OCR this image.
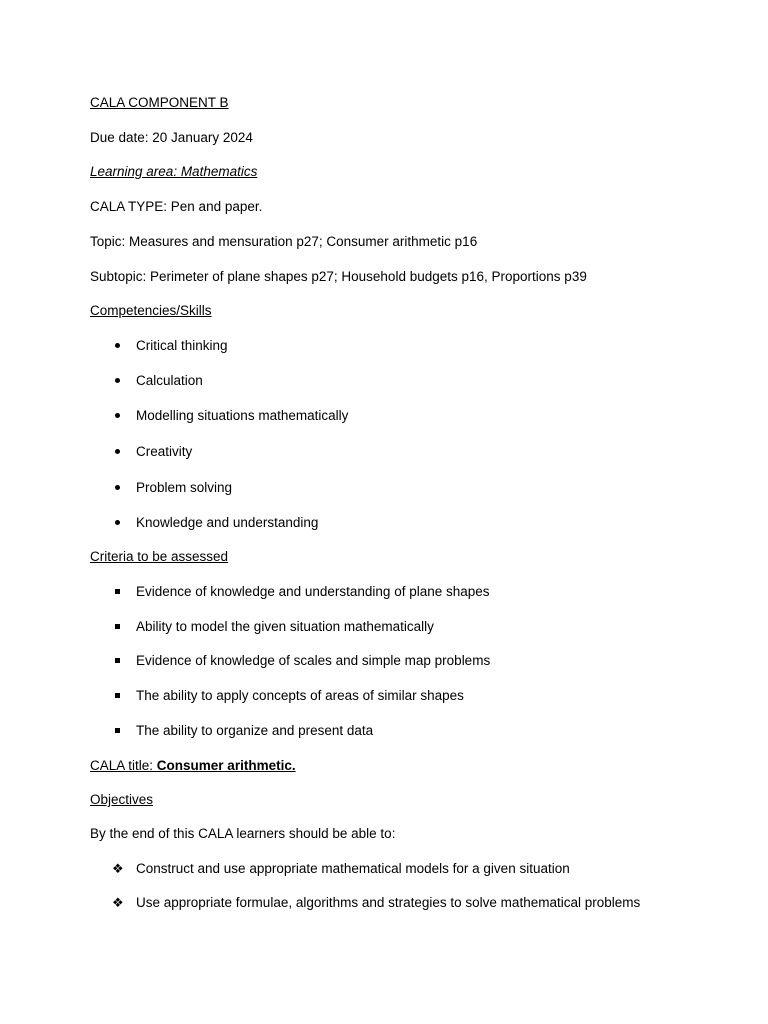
CALA COMPONENT B
Due date: 20 January 2024
Learning area: Mathematics
CALA TYPE: Pen and paper.
Topic: Measures and mensuration p27; Consumer arithmetic p16
Subtopic: Perimeter of plane shapes p27; Household budgets p16, Proportions p39
Competencies/Skills
Critical thinking
Calculation
Modelling situations mathematically
Creativity
Problem solving
Knowledge and understanding
Criteria to be assessed
Evidence of knowledge and understanding of plane shapes
Ability to model the given situation mathematically
Evidence of knowledge of scales and simple map problems
The ability to apply concepts of areas of similar shapes
The ability to organize and present data
CALA title: Consumer arithmetic.
Objectives
By the end of this CALA learners should be able to:
❖ Construct and use appropriate mathematical models for a given situation
❖ Use appropriate formulae, algorithms and strategies to solve mathematical problems
